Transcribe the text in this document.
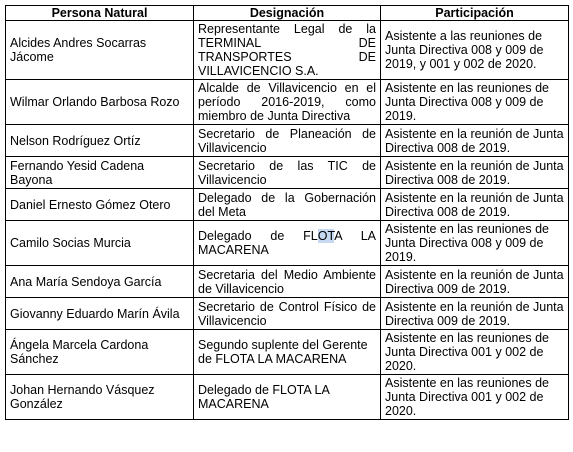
Persona Natural	Designación	Participación
Alcides Andres Socarras Jácome	Representante Legal de la TERMINAL DE TRANSPORTES DE VILLAVICENCIO S.A.	Asistente a las reuniones de Junta Directiva 008 y 009 de 2019, y 001 y 002 de 2020.
Wilmar Orlando Barbosa Rozo	Alcalde de Villavicencio en el período 2016-2019, como miembro de Junta Directiva	Asistente en las reuniones de Junta Directiva 008 y 009 de 2019.
Nelson Rodríguez Ortíz	Secretario de Planeación de Villavicencio	Asistente en la reunión de Junta Directiva 008 de 2019.
Fernando Yesid Cadena Bayona	Secretario de las TIC de Villavicencio	Asistente en la reunión de Junta Directiva 008 de 2019.
Daniel Ernesto Gómez Otero	Delegado de la Gobernación del Meta	Asistente en la reunión de Junta Directiva 008 de 2019.
Camilo Socias Murcia	Delegado de FLOTA LA MACARENA	Asistente en las reuniones de Junta Directiva 008 y 009 de 2019.
Ana María Sendoya García	Secretaria del Medio Ambiente de Villavicencio	Asistente en la reunión de Junta Directiva 009 de 2019.
Giovanny Eduardo Marín Ávila	Secretario de Control Físico de Villavicencio	Asistente en la reunión de Junta Directiva 009 de 2019.
Ángela Marcela Cardona Sánchez	Segundo suplente del Gerente de FLOTA LA MACARENA	Asistente en las reuniones de Junta Directiva 001 y 002 de 2020.
Johan Hernando Vásquez González	Delegado de FLOTA LA MACARENA	Asistente en las reuniones de Junta Directiva 001 y 002 de 2020.
